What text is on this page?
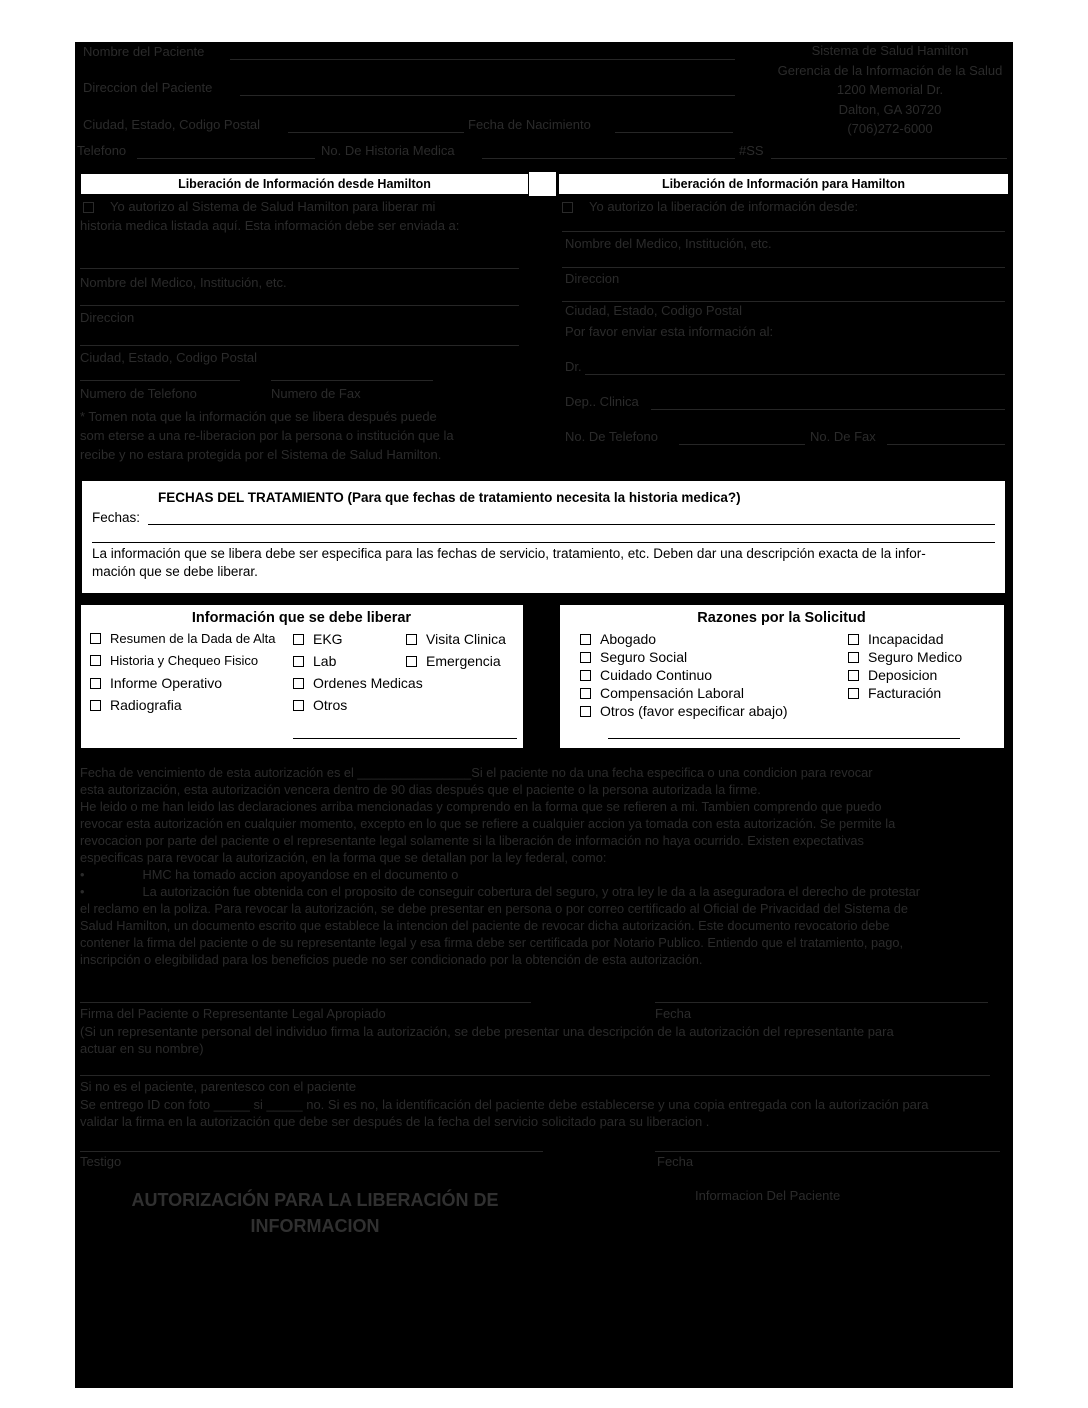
Nombre del Paciente
Direccion del Paciente
Ciudad, Estado, Codigo Postal	Fecha de Nacimiento
Telefono	No. De Historia Medica	#SS
Sistema de Salud Hamilton
Gerencia de la Información de la Salud
1200 Memorial Dr.
Dalton, GA 30720
(706)272-6000
Liberación de Información desde Hamilton	Liberación de Información para Hamilton
Yo autorizo al Sistema de Salud Hamilton para liberar mi
historia medica listada aquí. Esta información debe ser enviada a:
Nombre del Medico, Institución, etc.
Direccion
Ciudad, Estado, Codigo Postal
Numero de Telefono	Numero de Fax
* Tomen nota que la información que se libera después puede
som eterse a una re-liberacion por la persona o institución que la
recibe y no estara protegida por el Sistema de Salud Hamilton.
Yo autorizo la liberación de información desde:
Nombre del Medico, Institución, etc.
Direccion
Ciudad, Estado, Codigo Postal
Por favor enviar esta información al:
Dr.
Dep.. Clinica
No. De Telefono	No. De Fax
FECHAS DEL TRATAMIENTO (Para que fechas de tratamiento necesita la historia medica?)
Fechas:
La información que se libera debe ser especifica para las fechas de servicio, tratamiento, etc. Deben dar una descripción exacta de la infor-
mación que se debe liberar.
Información que se debe liberar
Resumen de la Dada de Alta
Historia y Chequeo Fisico
Informe Operativo
Radiografia
EKG
Lab
Ordenes Medicas
Otros
Visita Clinica
Emergencia
Razones por la Solicitud
Abogado
Seguro Social
Cuidado Continuo
Compensación Laboral
Otros (favor especificar abajo)
Incapacidad
Seguro Medico
Deposicion
Facturación
Fecha de vencimiento de esta autorización es el ________________Si el paciente no da una fecha especifica o una condicion para revocar
esta autorización, esta autorización vencera dentro de 90 dias después que el paciente o la persona autorizada la firme.
He leido o me han leido las declaraciones arriba mencionadas y comprendo en la forma que se refieren a mi. Tambien comprendo que puedo
revocar esta autorización en cualquier momento, excepto en lo que se refiere a cualquier accion ya tomada con esta autorización. Se permite la
revocacion por parte del paciente o el representante legal solamente si la liberación de información no haya ocurrido. Existen expectativas
especificas para revocar la autorización, en la forma que se detallan por la ley federal, como:
•	HMC ha tomado accion apoyandose en el documento o
•	La autorización fue obtenida con el proposito de conseguir cobertura del seguro, y otra ley le da a la aseguradora el derecho de protestar
el reclamo en la poliza. Para revocar la autorización, se debe presentar en persona o por correo certificado al Oficial de Privacidad del Sistema de
Salud Hamilton, un documento escrito que establece la intencion del paciente de revocar dicha autorización. Este documento revocatorio debe
contener la firma del paciente o de su representante legal y esa firma debe ser certificada por Notario Publico. Entiendo que el tratamiento, pago,
inscripción o elegibilidad para los beneficios puede no ser condicionado por la obtención de esta autorización.
Firma del Paciente o Representante Legal Apropiado	Fecha
(Si un representante personal del individuo firma la autorización, se debe presentar una descripción de la autorización del representante para
actuar en su nombre)
Si no es el paciente, parentesco con el paciente
Se entrego ID con foto _____ si _____ no. Si es no, la identificación del paciente debe establecerse y una copia entregada con la autorización para
validar la firma en la autorización que debe ser después de la fecha del servicio solicitado para su liberacion .
Testigo	Fecha
AUTORIZACIÓN PARA LA LIBERACIÓN DE
INFORMACION
Informacion Del Paciente
